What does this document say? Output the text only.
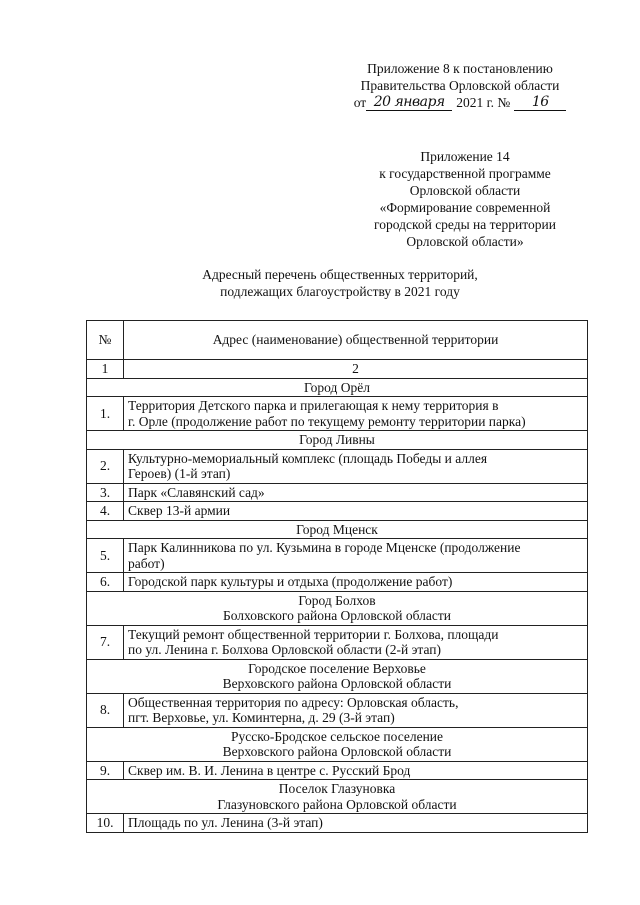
Приложение 8 к постановлению
Правительства Орловской области
от 20 января 2021 г. №	16
Приложение 14
к государственной программе
Орловской области
«Формирование современной
городской среды на территории
Орловской области»
Адресный перечень общественных территорий,
подлежащих благоустройству в 2021 году
№	Адрес (наименование) общественной территории
1	2

Город Орёл	

1.	Территория Детского парка и прилегающая к нему территория в
г. Орле (продолжение работ по текущему ремонту территории парка)

Город Ливны	

2.	Культурно-мемориальный комплекс (площадь Победы и аллея
Героев) (1-й этап)

3.	Парк «Славянский сад»

4.	Сквер 13-й армии

Город Мценск	

5.	Парк Калинникова по ул. Кузьмина в городе Мценске (продолжение
работ)

6.	Городской парк культуры и отдыха (продолжение работ)

Город Болхов
Болховского района Орловской области	

7.	Текущий ремонт общественной территории г. Болхова, площади
по ул. Ленина г. Болхова Орловской области (2-й этап)

Городское поселение Верховье
Верховского района Орловской области	

8.	Общественная территория по адресу: Орловская область,
пгт. Верховье, ул. Коминтерна, д. 29 (3-й этап)

Русско-Бродское сельское поселение
Верховского района Орловской области	

9.	Сквер им. В. И. Ленина в центре с. Русский Брод

Поселок Глазуновка
Глазуновского района Орловской области	

10.	Площадь по ул. Ленина (3-й этап)
